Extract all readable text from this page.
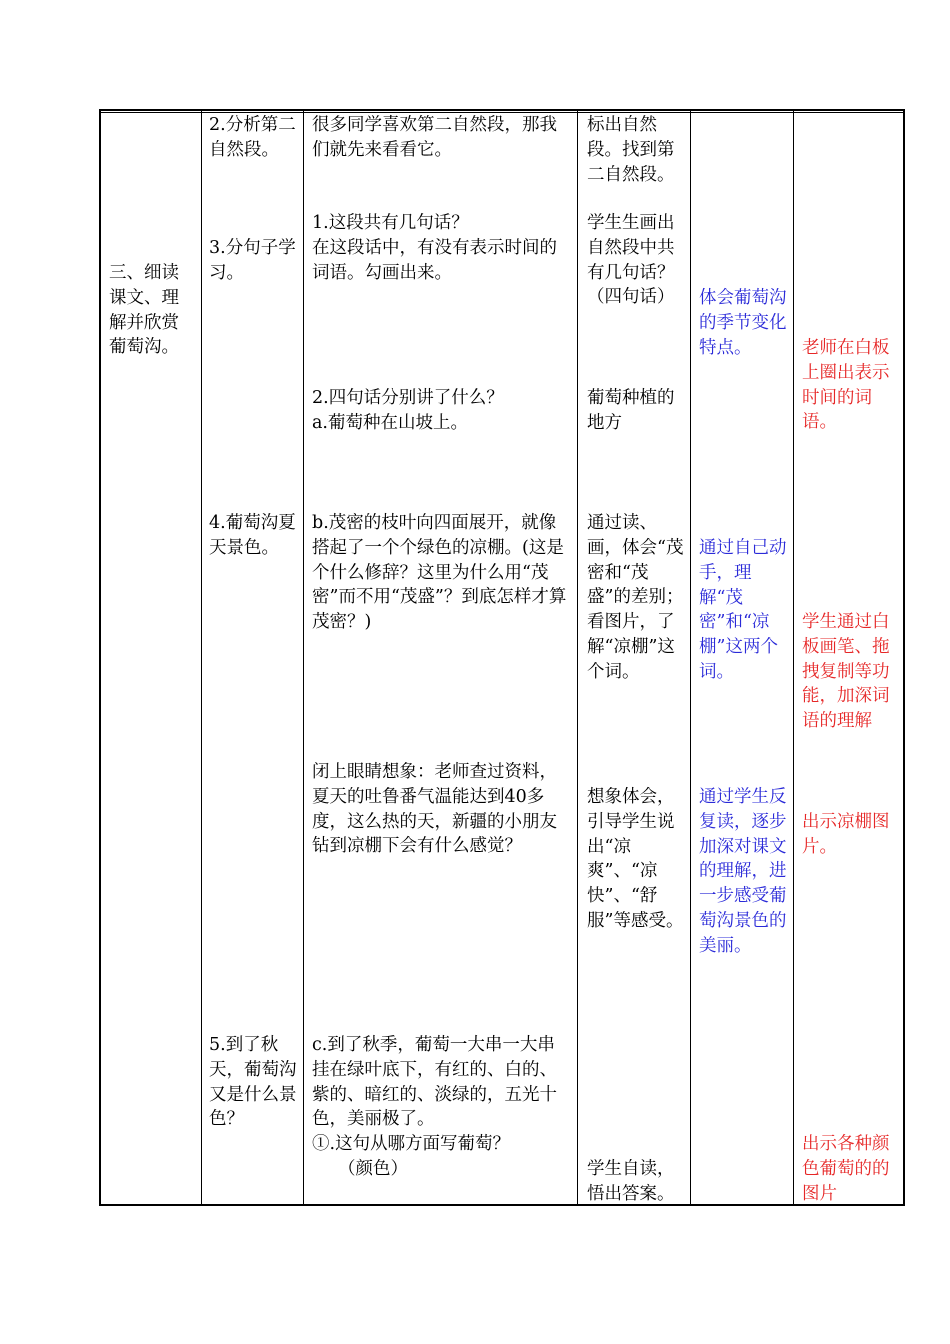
三、细读课文、理解并欣赏葡萄沟。

2.分析第二自然段。

3.分句子学习。

4.葡萄沟夏天景色。

5.到了秋天，葡萄沟又是什么景色？

很多同学喜欢第二自然段，那我们就先来看看它。

1.这段共有几句话？

在这段话中，有没有表示时间的词语。勾画出来。

2.四句话分别讲了什么？

a.葡萄种在山坡上。

b.茂密的枝叶向四面展开，就像搭起了一个个绿色的凉棚。(这是个什么修辞？这里为什么用“茂密”而不用“茂盛”？到底怎样才算茂密？)

闭上眼睛想象：老师查过资料，夏天的吐鲁番气温能达到40多度，这么热的天，新疆的小朋友钻到凉棚下会有什么感觉？

c.到了秋季，葡萄一大串一大串挂在绿叶底下，有红的、白的、紫的、暗红的、淡绿的，五光十色，美丽极了。

①.这句从哪方面写葡萄？

（颜色）

标出自然段。找到第二自然段。

学生生画出自然段中共有几句话？（四句话）

葡萄种植的地方

通过读、画，体会“茂密和“茂盛”的差别；看图片，了解“凉棚”这个词。

想象体会，引导学生说出“凉爽”、“凉快”、“舒服”等感受。

学生自读，悟出答案。

体会葡萄沟的季节变化特点。

通过自己动手，理解“茂密”和“凉棚”这两个词。

通过学生反复读，逐步加深对课文的理解，进一步感受葡萄沟景色的美丽。

老师在白板上圈出表示时间的词语。

学生通过白板画笔、拖拽复制等功能，加深词语的理解

出示凉棚图片。

出示各种颜色葡萄的的图片
